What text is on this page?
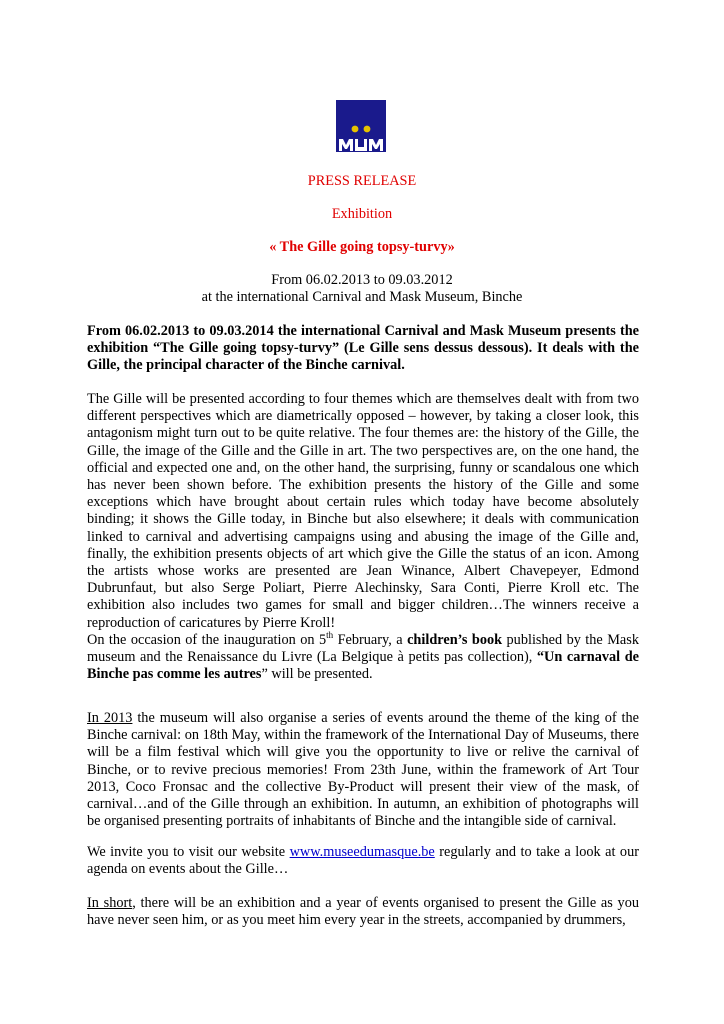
PRESS RELEASE
Exhibition
« The Gille going topsy-turvy»
From 06.02.2013 to 09.03.2012
at the international Carnival and Mask Museum, Binche
From 06.02.2013 to 09.03.2014 the international Carnival and Mask Museum presents the exhibition “The Gille going topsy-turvy” (Le Gille sens dessus dessous). It deals with the Gille, the principal character of the Binche carnival.
The Gille will be presented according to four themes which are themselves dealt with from two different perspectives which are diametrically opposed – however, by taking a closer look, this antagonism might turn out to be quite relative. The four themes are: the history of the Gille, the Gille, the image of the Gille and the Gille in art. The two perspectives are, on the one hand, the official and expected one and, on the other hand, the surprising, funny or scandalous one which has never been shown before. The exhibition presents the history of the Gille and some exceptions which have brought about certain rules which today have become absolutely binding; it shows the Gille today, in Binche but also elsewhere; it deals with communication linked to carnival and advertising campaigns using and abusing the image of the Gille and, finally, the exhibition presents objects of art which give the Gille the status of an icon. Among the artists whose works are presented are Jean Winance, Albert Chavepeyer, Edmond Dubrunfaut, but also Serge Poliart, Pierre Alechinsky, Sara Conti, Pierre Kroll etc. The exhibition also includes two games for small and bigger children…The winners receive a reproduction of caricatures by Pierre Kroll!
On the occasion of the inauguration on 5th February, a children’s book published by the Mask museum and the Renaissance du Livre (La Belgique à petits pas collection), “Un carnaval de Binche pas comme les autres” will be presented.
In 2013 the museum will also organise a series of events around the theme of the king of the Binche carnival: on 18th May, within the framework of the International Day of Museums, there will be a film festival which will give you the opportunity to live or relive the carnival of Binche, or to revive precious memories! From 23th June, within the framework of Art Tour 2013, Coco Fronsac and the collective By-Product will present their view of the mask, of carnival…and of the Gille through an exhibition. In autumn, an exhibition of photographs will be organised presenting portraits of inhabitants of Binche and the intangible side of carnival.
We invite you to visit our website www.museedumasque.be regularly and to take a look at our agenda on events about the Gille…
In short, there will be an exhibition and a year of events organised to present the Gille as you have never seen him, or as you meet him every year in the streets, accompanied by drummers,
